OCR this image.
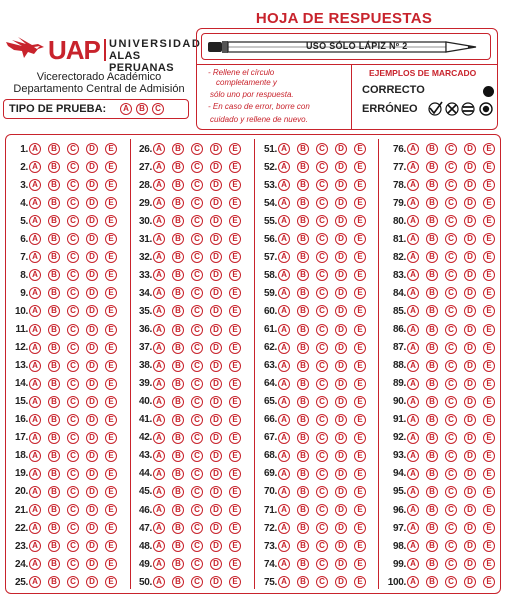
UAP UNIVERSIDAD
ALAS PERUANAS
Vicerectorado Académico
Departamento Central de Admisión
TIPO DE PRUEBA:	A	B	C
HOJA DE RESPUESTAS
USO SÓLO LÁPIZ Nº 2
- Rellene el círculo
completamente y
sólo uno por respuesta.
- En caso de error, borre con
cuidado y rellene de nuevo.
EJEMPLOS DE MARCADO
CORRECTO
ERRÓNEO
1. A	B	C	D	E
2. A	B	C	D	E
3. A	B	C	D	E
4. A	B	C	D	E
5. A	B	C	D	E
6. A	B	C	D	E
7. A	B	C	D	E
8. A	B	C	D	E
9. A	B	C	D	E
10. A	B	C	D	E
11. A	B	C	D	E
12. A	B	C	D	E
13. A	B	C	D	E
14. A	B	C	D	E
15. A	B	C	D	E
16. A	B	C	D	E
17. A	B	C	D	E
18. A	B	C	D	E
19. A	B	C	D	E
20. A	B	C	D	E
21. A	B	C	D	E
22. A	B	C	D	E
23. A	B	C	D	E
24. A	B	C	D	E
25. A	B	C	D	E
26. A	B	C	D	E
27. A	B	C	D	E
28. A	B	C	D	E
29. A	B	C	D	E
30. A	B	C	D	E
31. A	B	C	D	E
32. A	B	C	D	E
33. A	B	C	D	E
34. A	B	C	D	E
35. A	B	C	D	E
36. A	B	C	D	E
37. A	B	C	D	E
38. A	B	C	D	E
39. A	B	C	D	E
40. A	B	C	D	E
41. A	B	C	D	E
42. A	B	C	D	E
43. A	B	C	D	E
44. A	B	C	D	E
45. A	B	C	D	E
46. A	B	C	D	E
47. A	B	C	D	E
48. A	B	C	D	E
49. A	B	C	D	E
50. A	B	C	D	E
51. A	B	C	D	E
52. A	B	C	D	E
53. A	B	C	D	E
54. A	B	C	D	E
55. A	B	C	D	E
56. A	B	C	D	E
57. A	B	C	D	E
58. A	B	C	D	E
59. A	B	C	D	E
60. A	B	C	D	E
61. A	B	C	D	E
62. A	B	C	D	E
63. A	B	C	D	E
64. A	B	C	D	E
65. A	B	C	D	E
66. A	B	C	D	E
67. A	B	C	D	E
68. A	B	C	D	E
69. A	B	C	D	E
70. A	B	C	D	E
71. A	B	C	D	E
72. A	B	C	D	E
73. A	B	C	D	E
74. A	B	C	D	E
75. A	B	C	D	E
76. A	B	C	D	E
77. A	B	C	D	E
78. A	B	C	D	E
79. A	B	C	D	E
80. A	B	C	D	E
81. A	B	C	D	E
82. A	B	C	D	E
83. A	B	C	D	E
84. A	B	C	D	E
85. A	B	C	D	E
86. A	B	C	D	E
87. A	B	C	D	E
88. A	B	C	D	E
89. A	B	C	D	E
90. A	B	C	D	E
91. A	B	C	D	E
92. A	B	C	D	E
93. A	B	C	D	E
94. A	B	C	D	E
95. A	B	C	D	E
96. A	B	C	D	E
97. A	B	C	D	E
98. A	B	C	D	E
99. A	B	C	D	E
100. A	B	C	D	E
